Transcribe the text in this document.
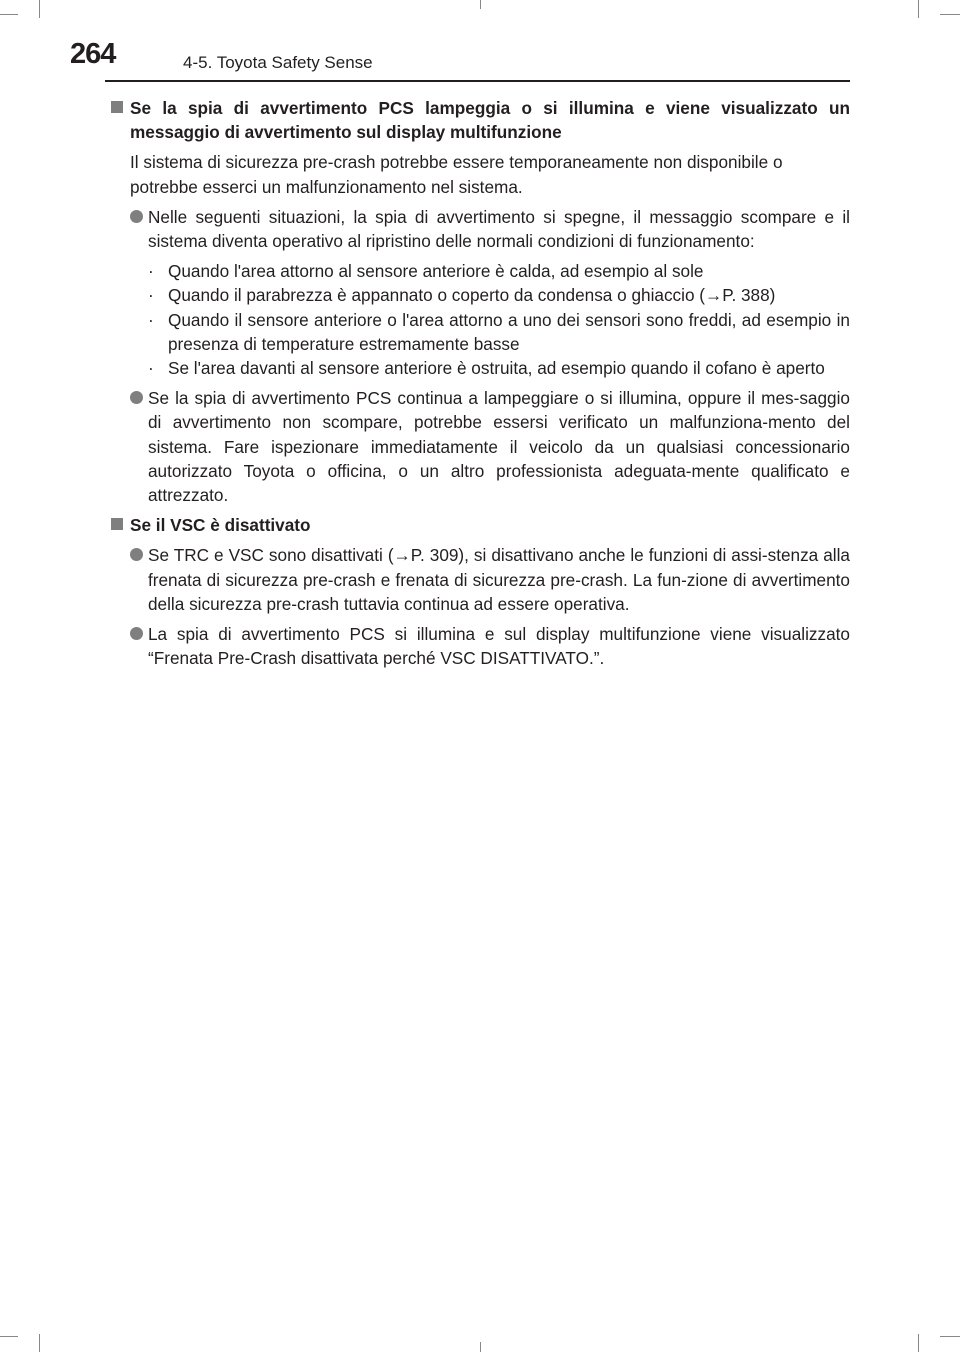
264	4-5. Toyota Safety Sense
Se la spia di avvertimento PCS lampeggia o si illumina e viene visualizzato un messaggio di avvertimento sul display multifunzione
Il sistema di sicurezza pre-crash potrebbe essere temporaneamente non disponibile o potrebbe esserci un malfunzionamento nel sistema.
Nelle seguenti situazioni, la spia di avvertimento si spegne, il messaggio scompare e il sistema diventa operativo al ripristino delle normali condizioni di funzionamento:
· Quando l'area attorno al sensore anteriore è calda, ad esempio al sole
· Quando il parabrezza è appannato o coperto da condensa o ghiaccio (→P. 388)
· Quando il sensore anteriore o l'area attorno a uno dei sensori sono freddi, ad esempio in presenza di temperature estremamente basse
· Se l'area davanti al sensore anteriore è ostruita, ad esempio quando il cofano è aperto
Se la spia di avvertimento PCS continua a lampeggiare o si illumina, oppure il mes-saggio di avvertimento non scompare, potrebbe essersi verificato un malfunziona-mento del sistema. Fare ispezionare immediatamente il veicolo da un qualsiasi concessionario autorizzato Toyota o officina, o un altro professionista adeguata-mente qualificato e attrezzato.
Se il VSC è disattivato
Se TRC e VSC sono disattivati (→P. 309), si disattivano anche le funzioni di assi-stenza alla frenata di sicurezza pre-crash e frenata di sicurezza pre-crash. La fun-zione di avvertimento della sicurezza pre-crash tuttavia continua ad essere operativa.
La spia di avvertimento PCS si illumina e sul display multifunzione viene visualizzato “Frenata Pre-Crash disattivata perché VSC DISATTIVATO.”.
